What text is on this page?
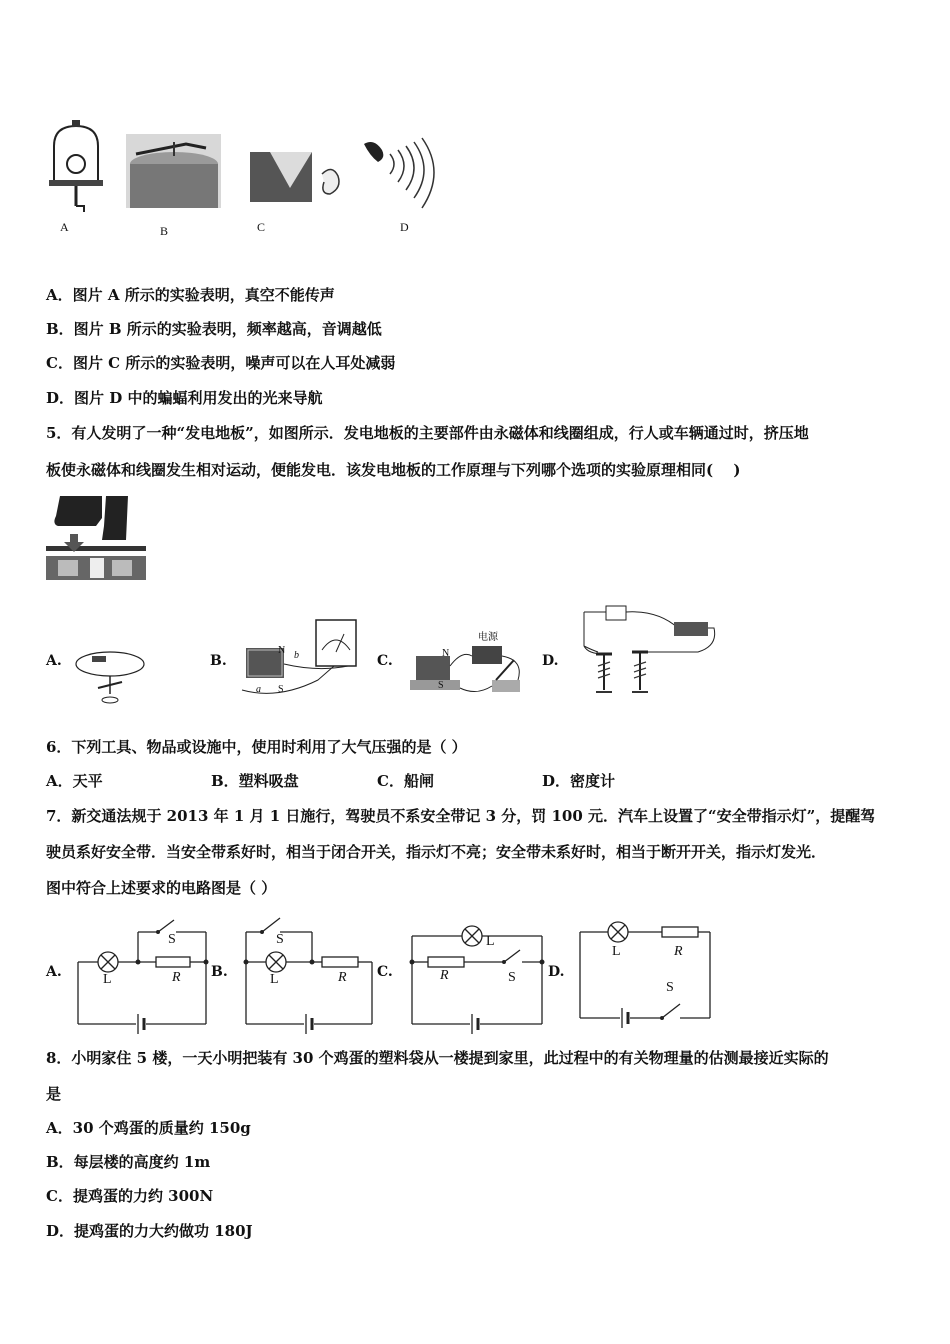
A	B	C	D
A．图片 A 所示的实验表明，真空不能传声
B．图片 B 所示的实验表明，频率越高，音调越低
C．图片 C 所示的实验表明，噪声可以在人耳处减弱
D．图片 D 中的蝙蝠利用发出的光来导航
5．有人发明了一种“发电地板”，如图所示．发电地板的主要部件由永磁体和线圈组成，行人或车辆通过时，挤压地
板使永磁体和线圈发生相对运动，便能发电．该发电地板的工作原理与下列哪个选项的实验原理相同(　 )
A.	B.
N
S
b
a
C.
电源
N
S
D.
6．下列工具、物品或设施中，使用时利用了大气压强的是（ ）
A．天平	B．塑料吸盘	C．船闸	D．密度计
7．新交通法规于 2013 年 1 月 1 日施行，驾驶员不系安全带记 3 分，罚 100 元．汽车上设置了“安全带指示灯”，提醒驾
驶员系好安全带．当安全带系好时，相当于闭合开关，指示灯不亮；安全带未系好时，相当于断开开关，指示灯发光．
图中符合上述要求的电路图是（ ）
A.
S
L	R B.
S
L	R C.
L
R	S D.
L	R
S
8．小明家住 5 楼，一天小明把装有 30 个鸡蛋的塑料袋从一楼提到家里，此过程中的有关物理量的估测最接近实际的
是
A．30 个鸡蛋的质量约 150g
B．每层楼的高度约 1m
C．提鸡蛋的力约 300N
D．提鸡蛋的力大约做功 180J
